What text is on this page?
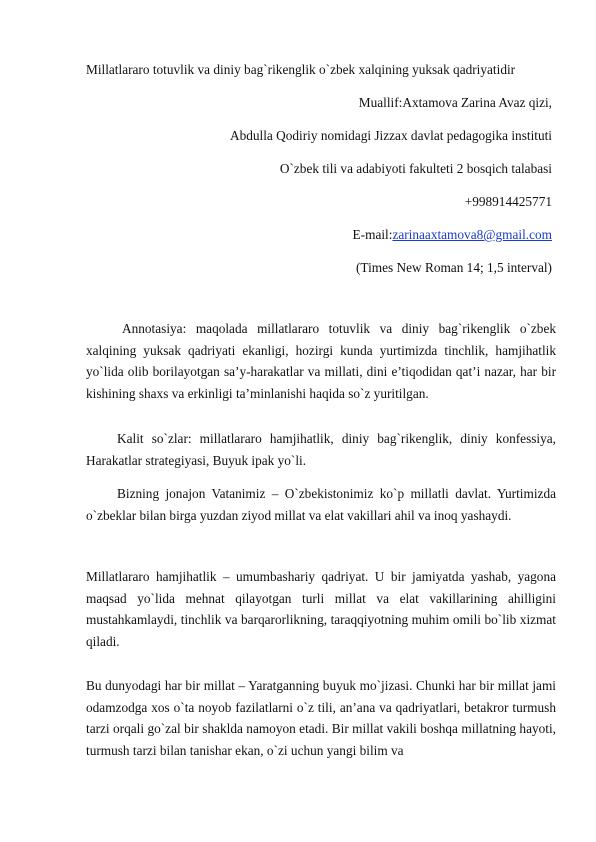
Millatlararo totuvlik va diniy bag`rikenglik o`zbek xalqining yuksak qadriyatidir
Muallif:Axtamova Zarina Avaz qizi,
Abdulla Qodiriy nomidagi Jizzax davlat pedagogika instituti
O`zbek tili va adabiyoti fakulteti 2 bosqich talabasi
+998914425771
E-mail:zarinaaxtamova8@gmail.com
(Times New Roman 14; 1,5 interval)

Annotasiya: maqolada millatlararo totuvlik va diniy bag`rikenglik o`zbek xalqining yuksak qadriyati ekanligi, hozirgi kunda yurtimizda tinchlik, hamjihatlik yo`lida olib borilayotgan sa’y-harakatlar va millati, dini e’tiqodidan qat’i nazar, har bir kishining shaxs va erkinligi ta’minlanishi haqida so`z yuritilgan.

Kalit so`zlar: millatlararo hamjihatlik, diniy bag`rikenglik, diniy konfessiya, Harakatlar strategiyasi, Buyuk ipak yo`li.

Bizning jonajon Vatanimiz – O`zbekistonimiz ko`p millatli davlat. Yurtimizda o`zbeklar bilan birga yuzdan ziyod millat va elat vakillari ahil va inoq yashaydi.

Millatlararo hamjihatlik – umumbashariy qadriyat. U bir jamiyatda yashab, yagona maqsad yo`lida mehnat qilayotgan turli millat va elat vakillarining ahilligini mustahkamlaydi, tinchlik va barqarorlikning, taraqqiyotning muhim omili bo`lib xizmat qiladi.

Bu dunyodagi har bir millat – Yaratganning buyuk mo`jizasi. Chunki har bir millat jami odamzodga xos o`ta noyob fazilatlarni o`z tili, an’ana va qadriyatlari, betakror turmush tarzi orqali go`zal bir shaklda namoyon etadi. Bir millat vakili boshqa millatning hayoti, turmush tarzi bilan tanishar ekan, o`zi uchun yangi bilim va
